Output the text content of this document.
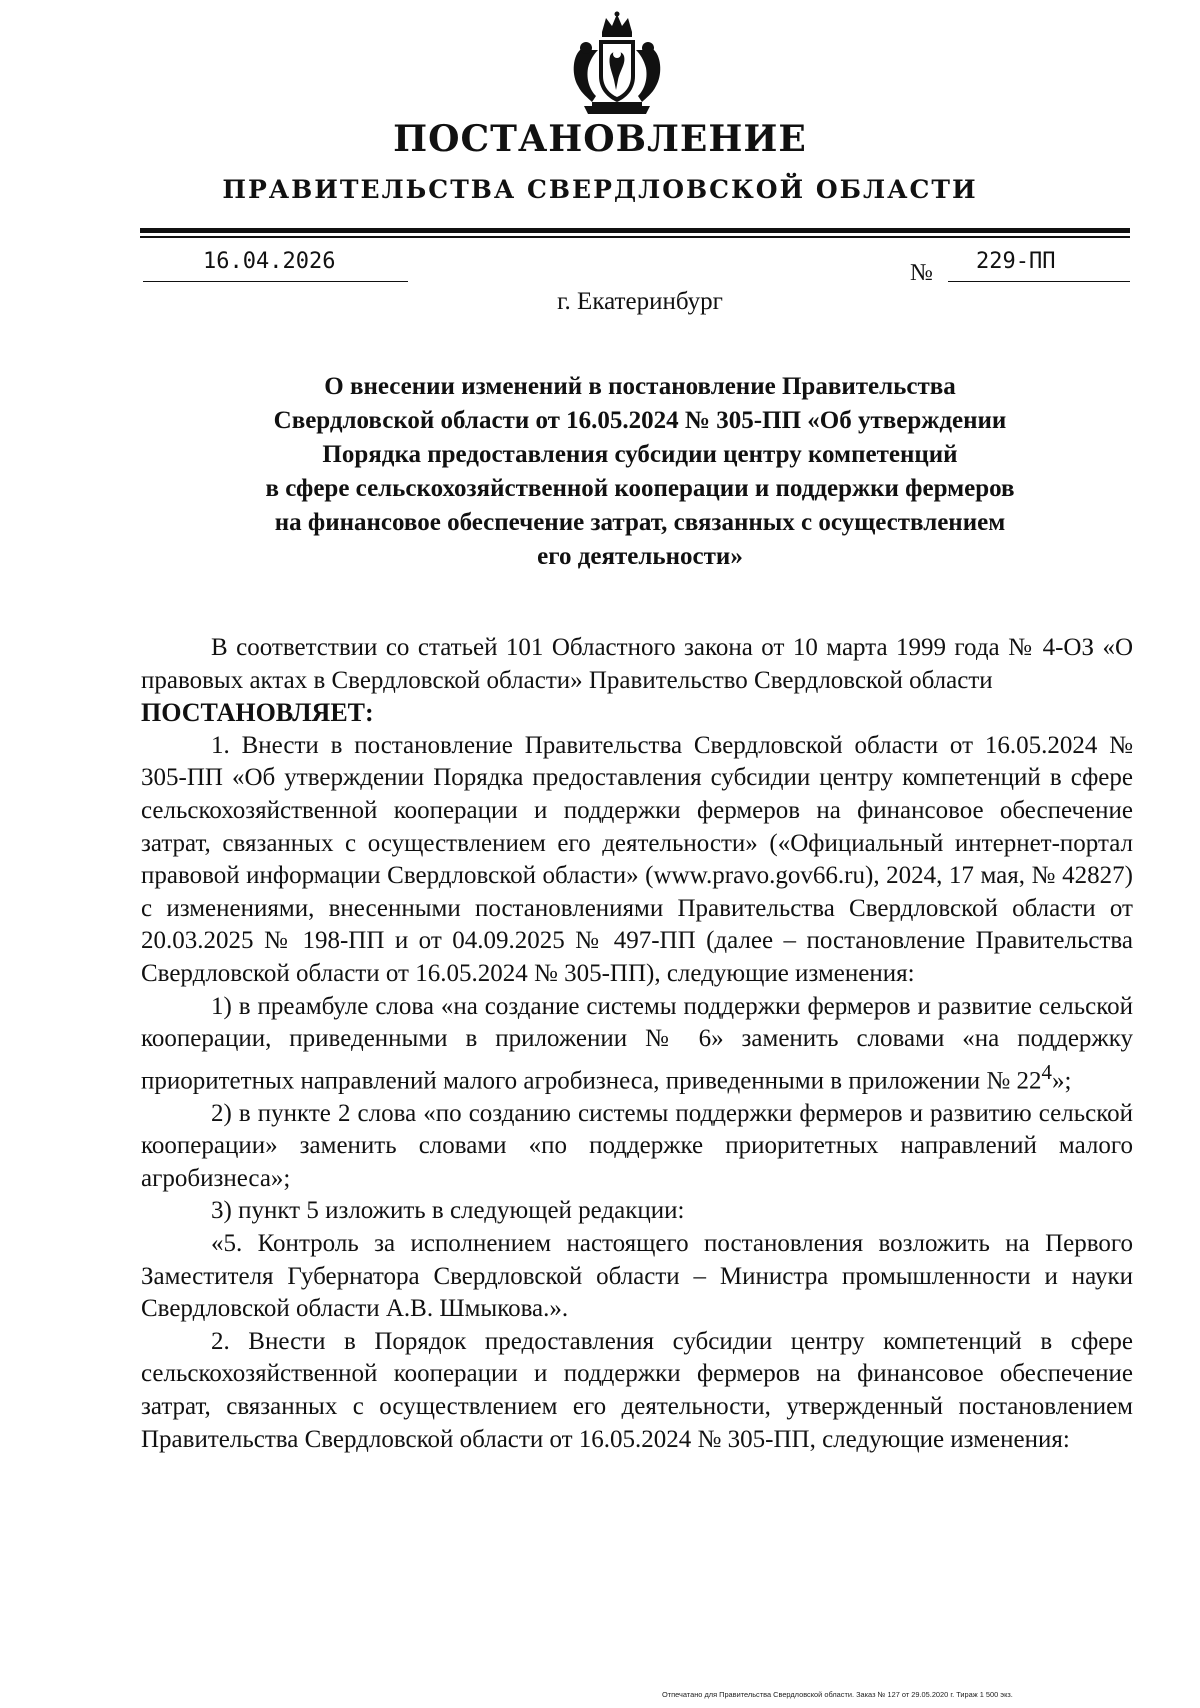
ПОСТАНОВЛЕНИЕ
ПРАВИТЕЛЬСТВА СВЕРДЛОВСКОЙ ОБЛАСТИ
16.04.2026	№ 229-ПП
г. Екатеринбург
О внесении изменений в постановление Правительства
Свердловской области от 16.05.2024 № 305-ПП «Об утверждении
Порядка предоставления субсидии центру компетенций
в сфере сельскохозяйственной кооперации и поддержки фермеров
на финансовое обеспечение затрат, связанных с осуществлением
его деятельности»

В соответствии со статьей 101 Областного закона от 10 марта 1999 года № 4-ОЗ «О правовых актах в Свердловской области» Правительство Свердловской области

ПОСТАНОВЛЯЕТ:

1. Внести в постановление Правительства Свердловской области от 16.05.2024 № 305-ПП «Об утверждении Порядка предоставления субсидии центру компетенций в сфере сельскохозяйственной кооперации и поддержки фермеров на финансовое обеспечение затрат, связанных с осуществлением его деятельности» («Официальный интернет-портал правовой информации Свердловской области» (www.pravo.gov66.ru), 2024, 17 мая, № 42827) с изменениями, внесенными постановлениями Правительства Свердловской области от 20.03.2025 № 198-ПП и от 04.09.2025 № 497-ПП (далее – постановление Правительства Свердловской области от 16.05.2024 № 305-ПП), следующие изменения:

1) в преамбуле слова «на создание системы поддержки фермеров и развитие сельской кооперации, приведенными в приложении № 6» заменить словами «на поддержку приоритетных направлений малого агробизнеса, приведенными в приложении № $22^4$»;

2) в пункте 2 слова «по созданию системы поддержки фермеров и развитию сельской кооперации» заменить словами «по поддержке приоритетных направлений малого агробизнеса»;

3) пункт 5 изложить в следующей редакции:

«5. Контроль за исполнением настоящего постановления возложить на Первого Заместителя Губернатора Свердловской области – Министра промышленности и науки Свердловской области А.В. Шмыкова.».

2. Внести в Порядок предоставления субсидии центру компетенций в сфере сельскохозяйственной кооперации и поддержки фермеров на финансовое обеспечение затрат, связанных с осуществлением его деятельности, утвержденный постановлением Правительства Свердловской области от 16.05.2024 № 305-ПП, следующие изменения:

Отпечатано для Правительства Свердловской области. Заказ № 127 от 29.05.2020 г. Тираж 1 500 экз.
